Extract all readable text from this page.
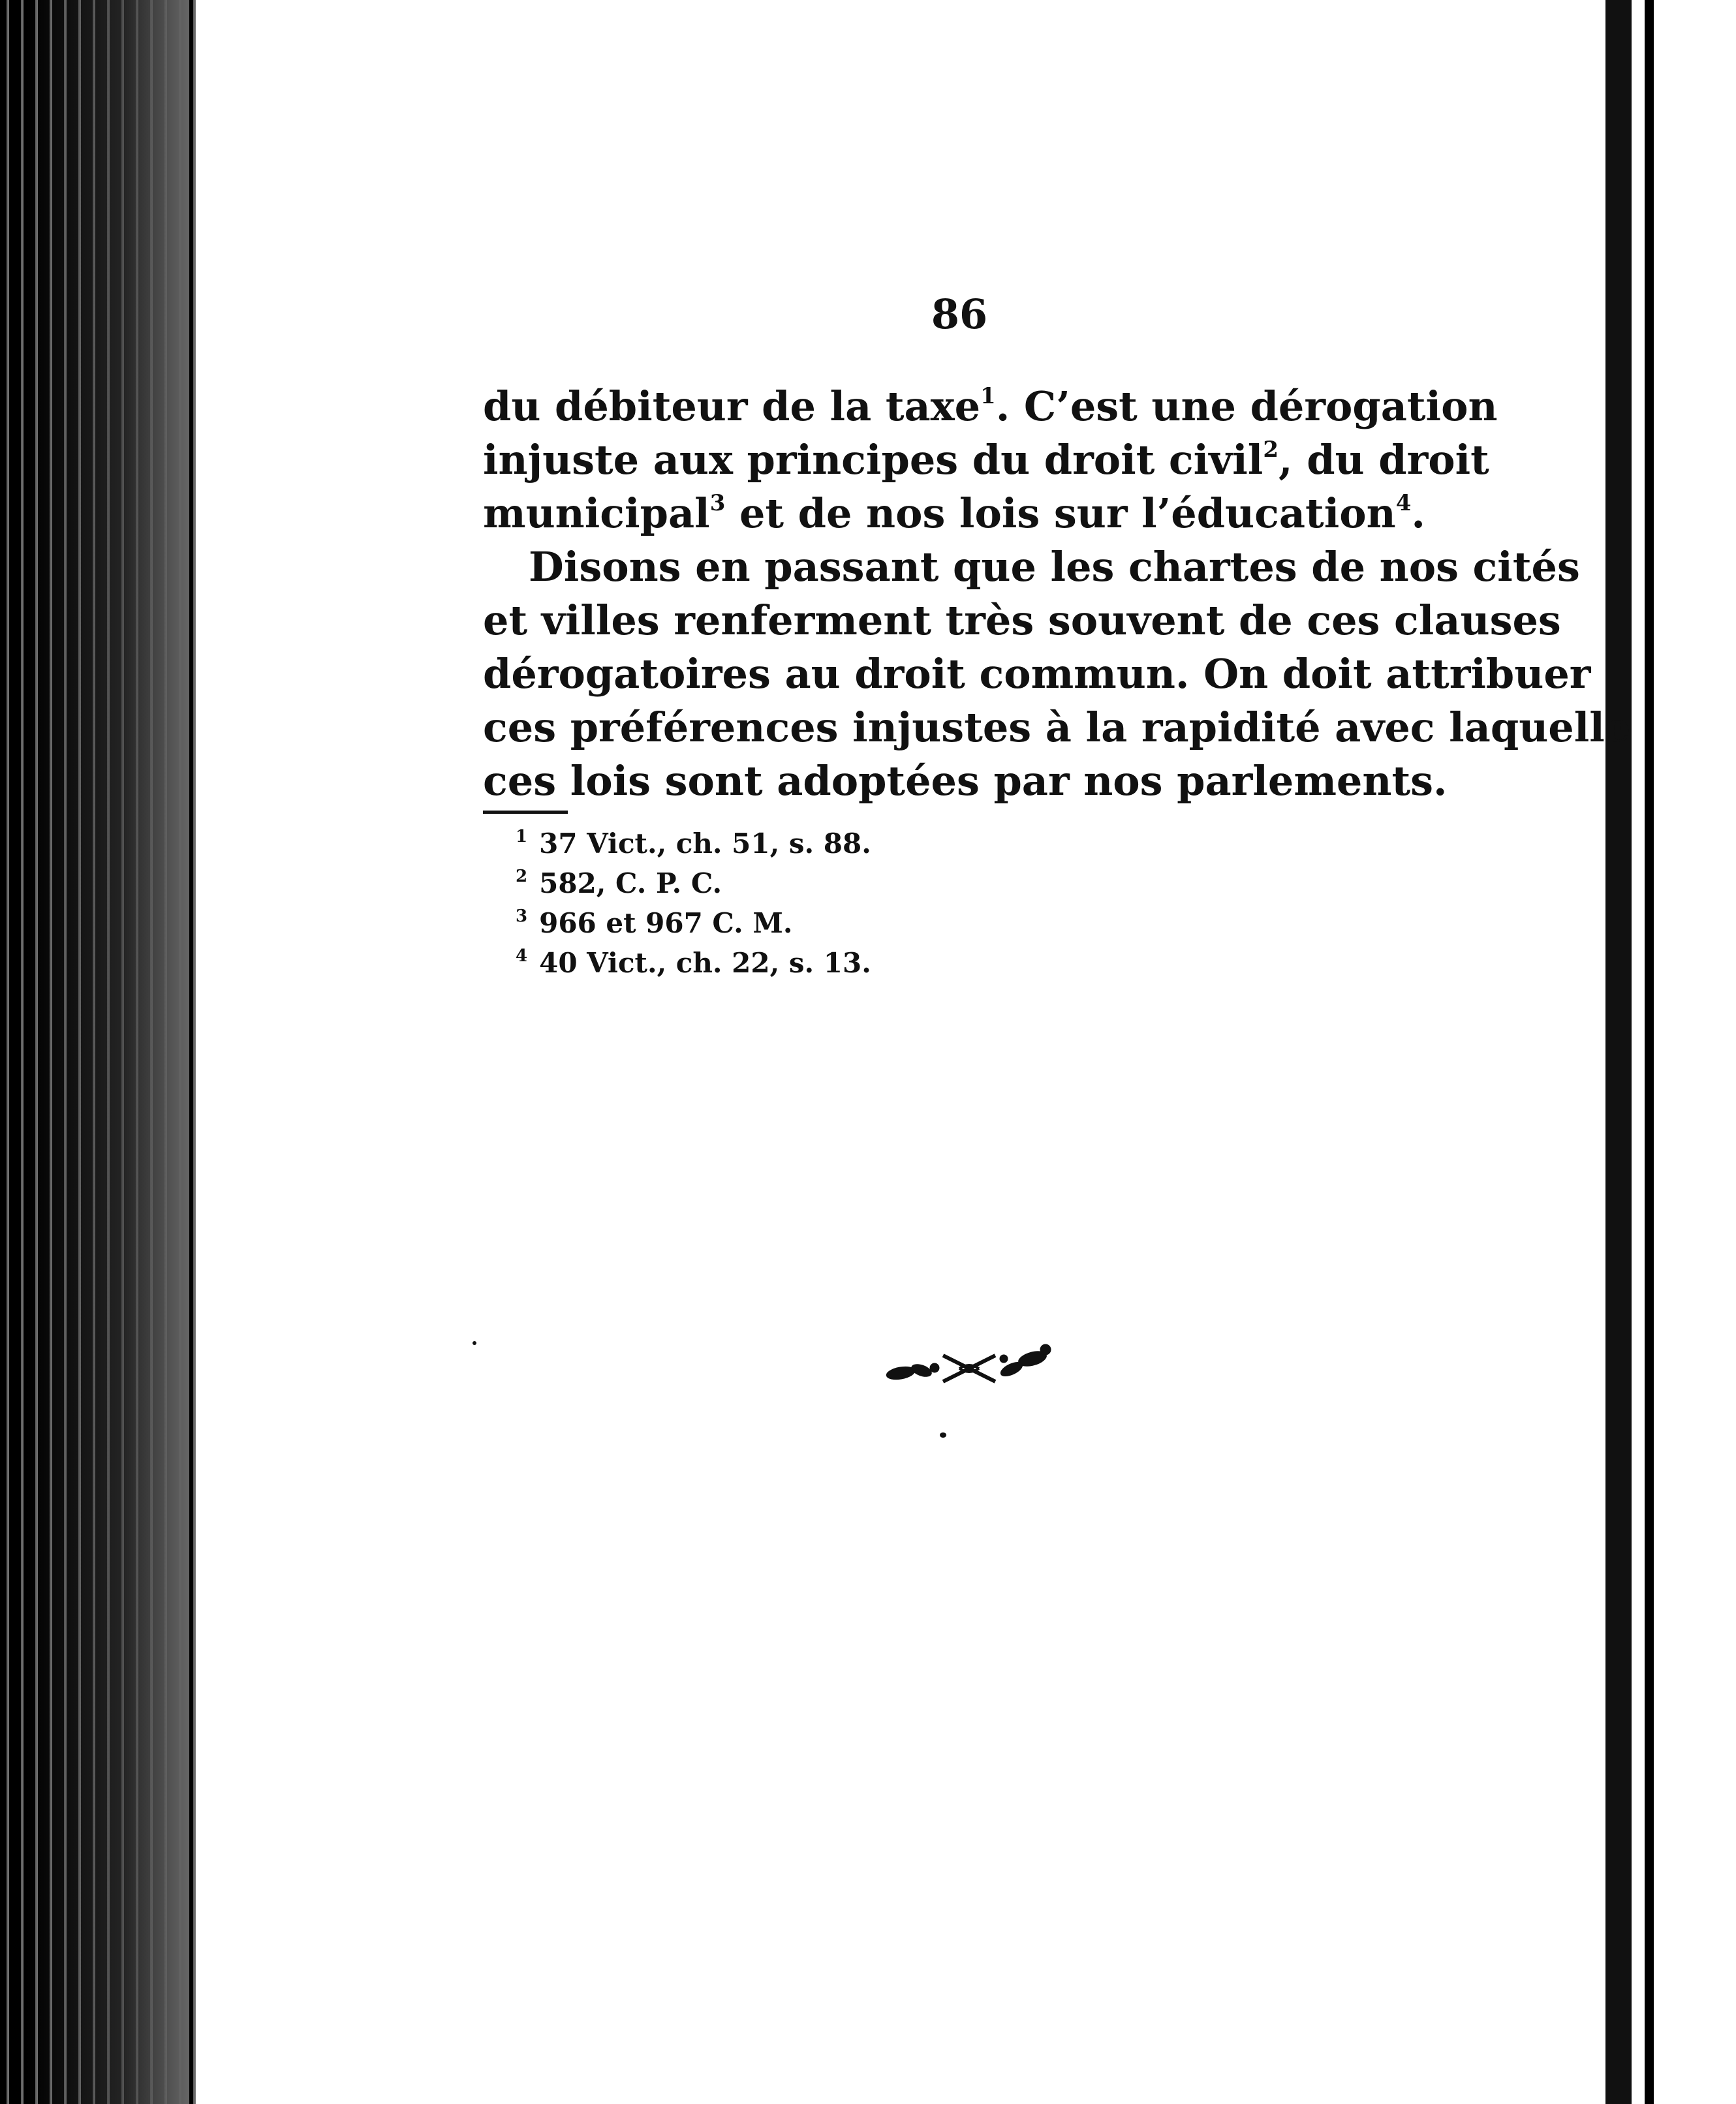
86
du débiteur de la taxe$^1$. C’est une dérogation
injuste aux principes du droit civil$^2$, du droit
municipal$^3$ et de nos lois sur l’éducation$^4$.
Disons en passant que les chartes de nos cités
et villes renferment très souvent de ces clauses
dérogatoires au droit commun. On doit attribuer
ces préférences injustes à la rapidité avec laquelle
ces lois sont adoptées par nos parlements.
1 37 Vict., ch. 51, s. 88.
2 582, C. P. C.
3 966 et 967 C. M.
4 40 Vict., ch. 22, s. 13.
